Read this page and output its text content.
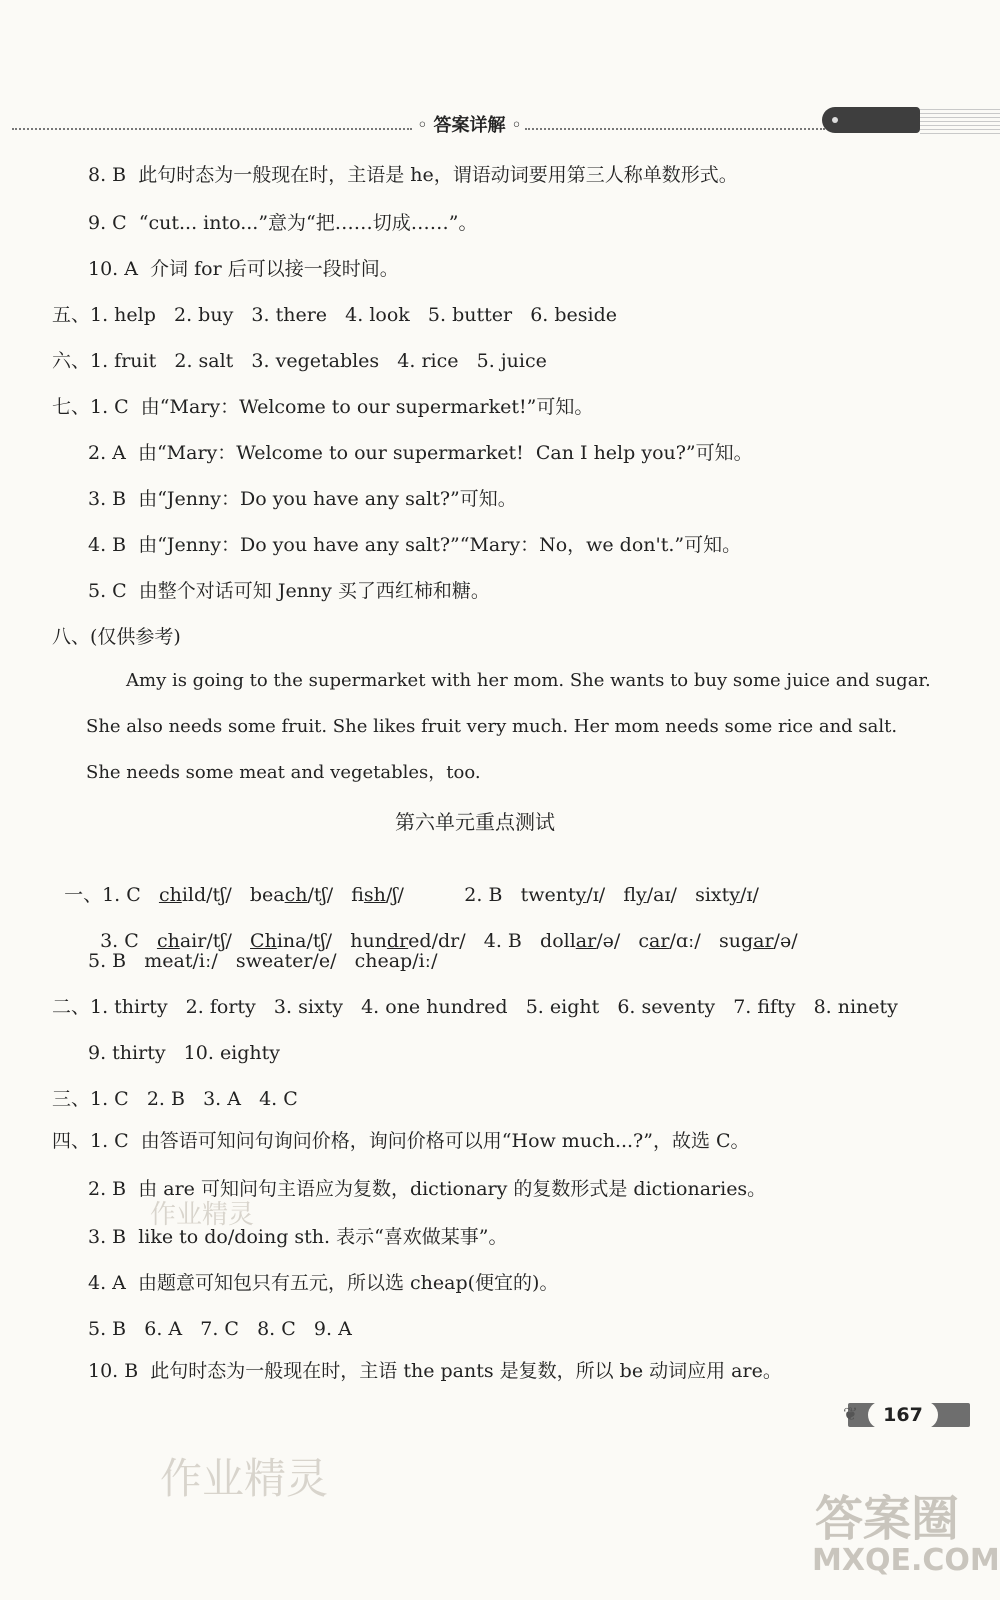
◦ 答案详解 ◦
8. B  此句时态为一般现在时，主语是 he，谓语动词要用第三人称单数形式。
9. C  “cut... into...”意为“把……切成……”。
10. A  介词 for 后可以接一段时间。
五、1. help   2. buy   3. there   4. look   5. butter   6. beside
六、1. fruit   2. salt   3. vegetables   4. rice   5. juice
七、1. C  由“Mary：Welcome to our supermarket!”可知。
2. A  由“Mary：Welcome to our supermarket!  Can I help you?”可知。
3. B  由“Jenny：Do you have any salt?”可知。
4. B  由“Jenny：Do you have any salt?”“Mary：No，we don't.”可知。
5. C  由整个对话可知 Jenny 买了西红柿和糖。
八、(仅供参考)
Amy is going to the supermarket with her mom. She wants to buy some juice and sugar.
She also needs some fruit. She likes fruit very much. Her mom needs some rice and salt.
She needs some meat and vegetables，too.
第六单元重点测试

一、1. C child/tʃ/ beach/tʃ/ fish/ʃ/	2. B twenty/ɪ/ fly/aɪ/ sixty/ɪ/

3. C chair/tʃ/ China/tʃ/ hundred/dr/ 4. B dollar/ə/ car/ɑː/ sugar/ə/

5. B   meat/iː/   sweater/e/   cheap/iː/
二、1. thirty   2. forty   3. sixty   4. one hundred   5. eight   6. seventy   7. fifty   8. ninety
9. thirty   10. eighty
三、1. C   2. B   3. A   4. C
四、1. C  由答语可知问句询问价格，询问价格可以用“How much...?”，故选 C。
2. B  由 are 可知问句主语应为复数，dictionary 的复数形式是 dictionaries。
3. B  like to do/doing sth. 表示“喜欢做某事”。
4. A  由题意可知包只有五元，所以选 cheap(便宜的)。
5. B   6. A   7. C   8. C   9. A
10. B  此句时态为一般现在时，主语 the pants 是复数，所以 be 动词应用 are。
❦	167
作业精灵
作业精灵
答案圈
MXQE.COM
